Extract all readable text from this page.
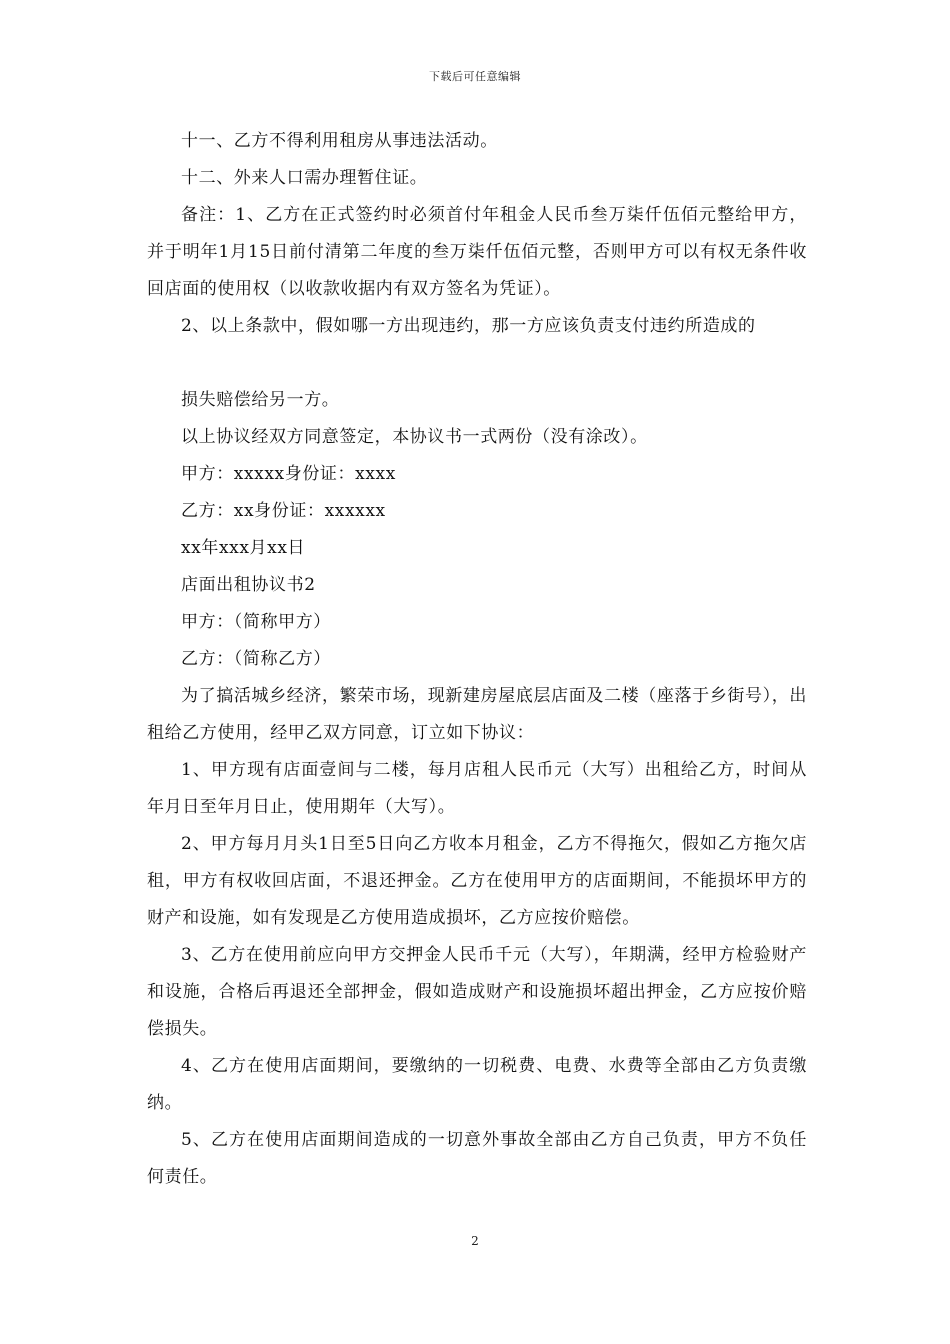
下载后可任意编辑

十一、乙方不得利用租房从事违法活动。

十二、外来人口需办理暂住证。

备注：1、乙方在正式签约时必须首付年租金人民币叁万柒仟伍佰元整给甲方，并于明年1月15日前付清第二年度的叁万柒仟伍佰元整，否则甲方可以有权无条件收回店面的使用权（以收款收据内有双方签名为凭证）。

2、以上条款中，假如哪一方出现违约，那一方应该负责支付违约所造成的

损失赔偿给另一方。

以上协议经双方同意签定，本协议书一式两份（没有涂改）。

甲方：xxxxx身份证：xxxx

乙方：xx身份证：xxxxxx

xx年xxx月xx日

店面出租协议书2

甲方：（简称甲方）

乙方：（简称乙方）

为了搞活城乡经济，繁荣市场，现新建房屋底层店面及二楼（座落于乡街号），出租给乙方使用，经甲乙双方同意，订立如下协议：

1、甲方现有店面壹间与二楼，每月店租人民币元（大写）出租给乙方，时间从年月日至年月日止，使用期年（大写）。

2、甲方每月月头1日至5日向乙方收本月租金，乙方不得拖欠，假如乙方拖欠店租，甲方有权收回店面，不退还押金。乙方在使用甲方的店面期间，不能损坏甲方的财产和设施，如有发现是乙方使用造成损坏，乙方应按价赔偿。

3、乙方在使用前应向甲方交押金人民币千元（大写），年期满，经甲方检验财产和设施，合格后再退还全部押金，假如造成财产和设施损坏超出押金，乙方应按价赔偿损失。

4、乙方在使用店面期间，要缴纳的一切税费、电费、水费等全部由乙方负责缴纳。

5、乙方在使用店面期间造成的一切意外事故全部由乙方自己负责，甲方不负任何责任。

2
